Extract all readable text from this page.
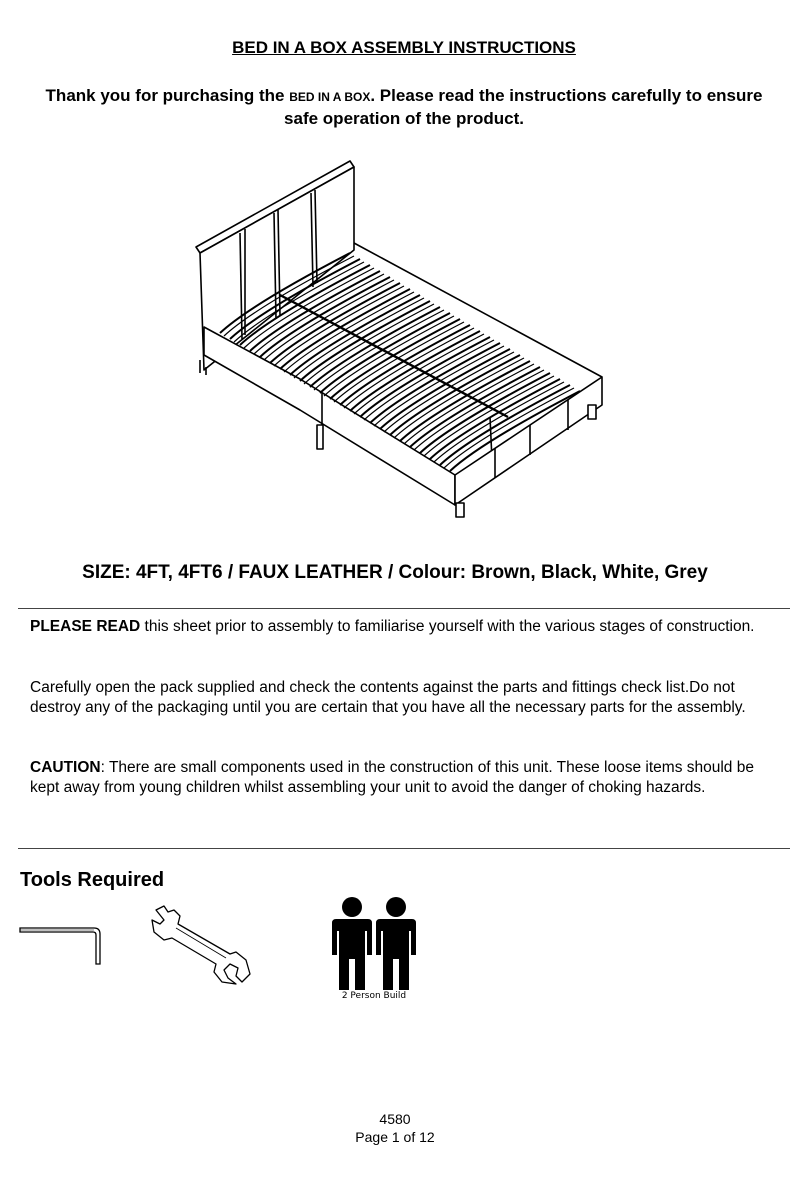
BED IN A BOX ASSEMBLY INSTRUCTIONS
Thank you for purchasing the BED IN A BOX. Please read the instructions carefully to ensure safe operation of the product.
SIZE: 4FT, 4FT6 / FAUX LEATHER / Colour: Brown, Black, White, Grey
PLEASE READ this sheet prior to assembly to familiarise yourself with the various stages of construction.
Carefully open the pack supplied and check the contents against the parts and fittings check list.Do not destroy any of the packaging until you are certain that you have all the necessary parts for the assembly.
CAUTION: There are small components used in the construction of this unit. These loose items should be kept away from young children whilst assembling your unit to avoid the danger of choking hazards.
Tools Required
2 Person Build
4580
Page 1 of 12
